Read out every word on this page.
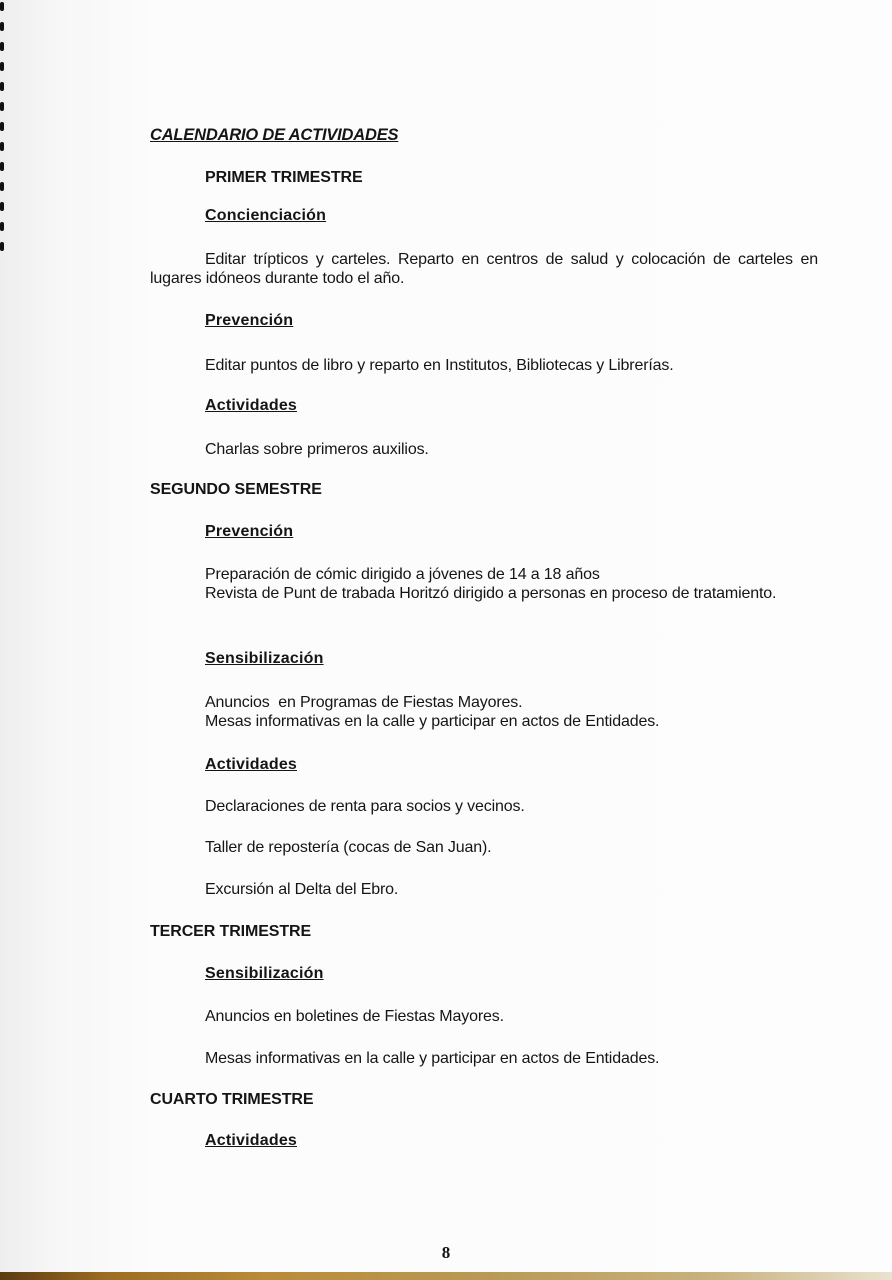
CALENDARIO DE ACTIVIDADES
PRIMER TRIMESTRE
Concienciación
Editar trípticos y carteles. Reparto en centros de salud y colocación de carteles en lugares idóneos durante todo el año.
Prevención
Editar puntos de libro y reparto en Institutos, Bibliotecas y Librerías.
Actividades
Charlas sobre primeros auxilios.
SEGUNDO SEMESTRE
Prevención
Preparación de cómic dirigido a jóvenes de 14 a 18 años
Revista de Punt de trabada Horitzó dirigido a personas en proceso de tratamiento.
Sensibilización
Anuncios  en Programas de Fiestas Mayores.
Mesas informativas en la calle y participar en actos de Entidades.
Actividades
Declaraciones de renta para socios y vecinos.
Taller de repostería (cocas de San Juan).
Excursión al Delta del Ebro.
TERCER TRIMESTRE
Sensibilización
Anuncios en boletines de Fiestas Mayores.
Mesas informativas en la calle y participar en actos de Entidades.
CUARTO TRIMESTRE
Actividades
8
